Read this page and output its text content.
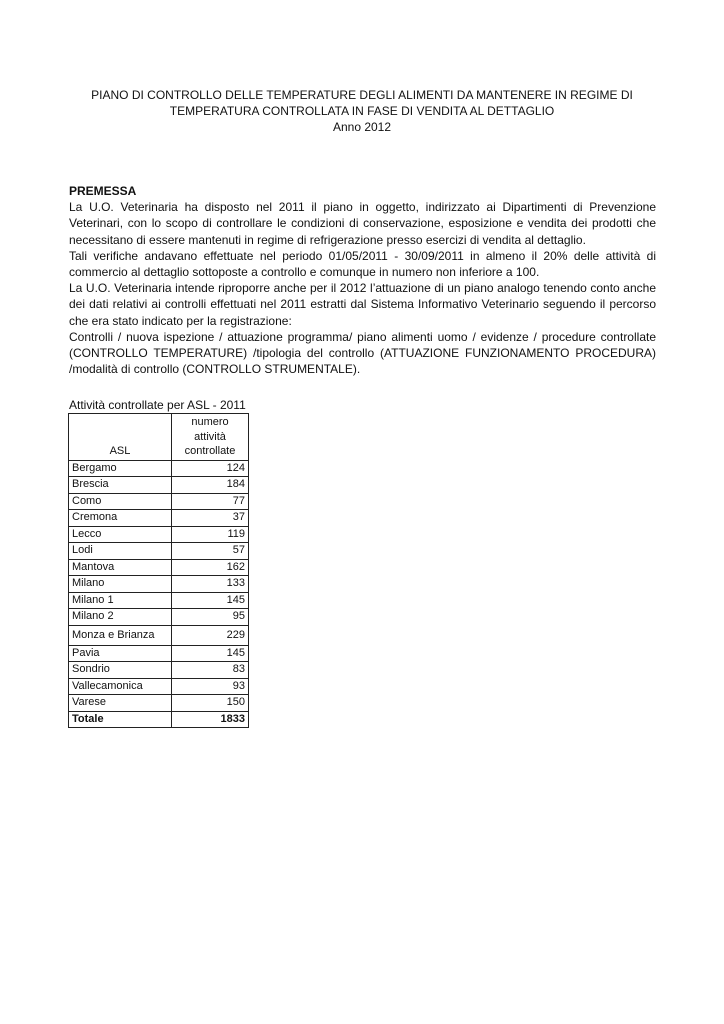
PIANO DI CONTROLLO DELLE TEMPERATURE DEGLI ALIMENTI DA MANTENERE IN REGIME DI
TEMPERATURA CONTROLLATA IN FASE DI VENDITA AL DETTAGLIO
Anno 2012
PREMESSA
La U.O. Veterinaria ha disposto nel 2011 il piano in oggetto, indirizzato ai Dipartimenti di Prevenzione Veterinari, con lo scopo di controllare le condizioni di conservazione, esposizione e vendita dei prodotti che necessitano di essere mantenuti in regime di refrigerazione presso esercizi di vendita al dettaglio.
Tali verifiche andavano effettuate nel periodo 01/05/2011 - 30/09/2011 in almeno il 20% delle attività di commercio al dettaglio sottoposte a controllo e comunque in numero non inferiore a 100.
La U.O. Veterinaria intende riproporre anche per il 2012 l’attuazione di un piano analogo tenendo conto anche dei dati relativi ai controlli effettuati nel 2011 estratti dal Sistema Informativo Veterinario seguendo il percorso che era stato indicato per la registrazione:
Controlli / nuova ispezione / attuazione programma/ piano alimenti uomo / evidenze / procedure controllate (CONTROLLO TEMPERATURE) /tipologia del controllo (ATTUAZIONE FUNZIONAMENTO PROCEDURA) /modalità di controllo (CONTROLLO STRUMENTALE).
Attività controllate per ASL - 2011
ASL	numero
attività
controllate

Bergamo	124
Brescia	184
Como	77
Cremona	37
Lecco	119
Lodi	57
Mantova	162
Milano	133
Milano 1	145
Milano 2	95
Monza e Brianza	229
Pavia	145
Sondrio	83
Vallecamonica	93
Varese	150
Totale	1833
